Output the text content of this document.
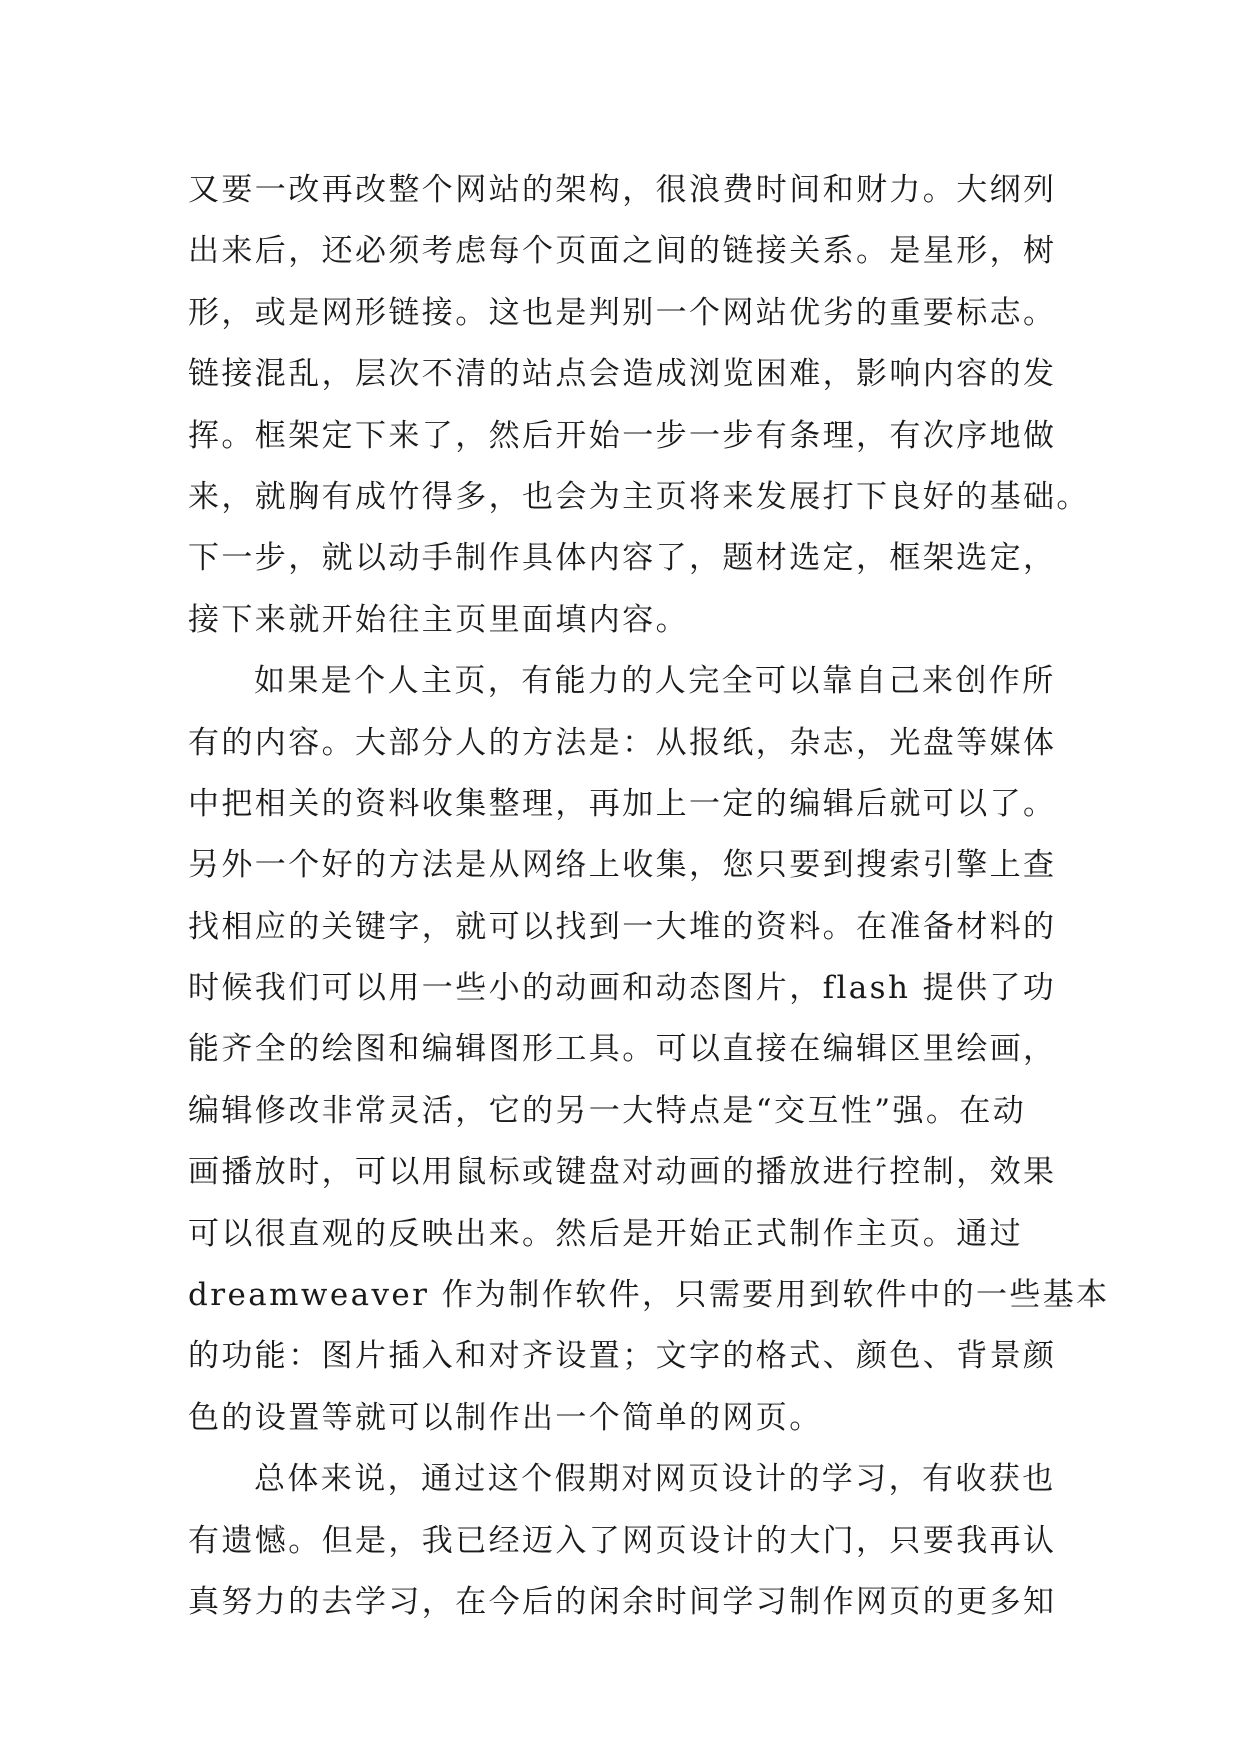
又要一改再改整个网站的架构，很浪费时间和财力。大纲列
出来后，还必须考虑每个页面之间的链接关系。是星形，树
形，或是网形链接。这也是判别一个网站优劣的重要标志。
链接混乱，层次不清的站点会造成浏览困难，影响内容的发
挥。框架定下来了，然后开始一步一步有条理，有次序地做
来，就胸有成竹得多，也会为主页将来发展打下良好的基础。
下一步，就以动手制作具体内容了，题材选定，框架选定，
接下来就开始往主页里面填内容。
如果是个人主页，有能力的人完全可以靠自己来创作所
有的内容。大部分人的方法是：从报纸，杂志，光盘等媒体
中把相关的资料收集整理，再加上一定的编辑后就可以了。
另外一个好的方法是从网络上收集，您只要到搜索引擎上查
找相应的关键字，就可以找到一大堆的资料。在准备材料的
时候我们可以用一些小的动画和动态图片，flash 提供了功
能齐全的绘图和编辑图形工具。可以直接在编辑区里绘画，
编辑修改非常灵活，它的另一大特点是“交互性”强。在动
画播放时，可以用鼠标或键盘对动画的播放进行控制，效果
可以很直观的反映出来。然后是开始正式制作主页。通过
dreamweaver 作为制作软件，只需要用到软件中的一些基本
的功能：图片插入和对齐设置；文字的格式、颜色、背景颜
色的设置等就可以制作出一个简单的网页。
总体来说，通过这个假期对网页设计的学习，有收获也
有遗憾。但是，我已经迈入了网页设计的大门，只要我再认
真努力的去学习，在今后的闲余时间学习制作网页的更多知
